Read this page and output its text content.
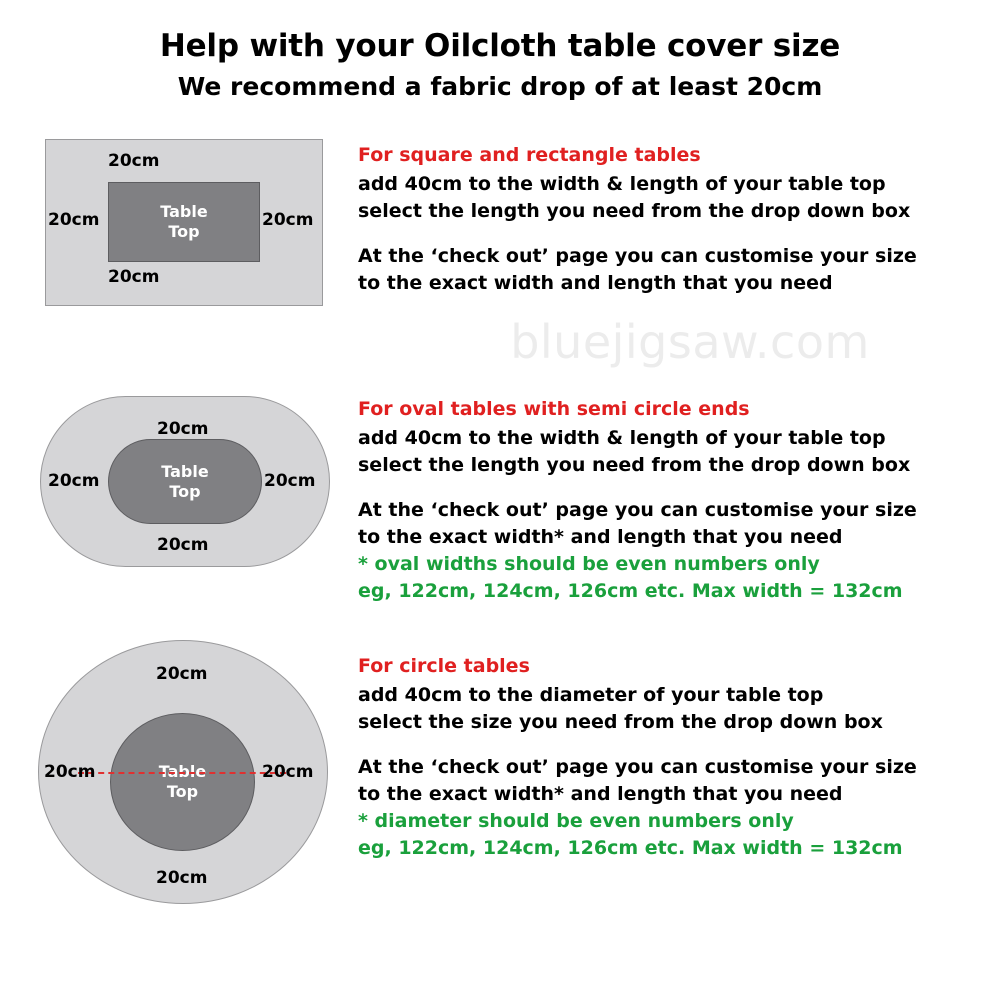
Help with your Oilcloth table cover size
We recommend a fabric drop of at least 20cm
bluejigsaw.com
Table
Top
20cm
20cm
20cm	20cm
Table
Top
20cm
20cm
20cm	20cm
Table
Top
20cm
20cm
20cm	20cm
For square and rectangle tables
add 40cm to the width & length of your table top
select the length you need from the drop down box
At the ‘check out’ page you can customise your size
to the exact width and length that you need
For oval tables with semi circle ends
add 40cm to the width & length of your table top
select the length you need from the drop down box
At the ‘check out’ page you can customise your size
to the exact width* and length that you need
* oval widths should be even numbers only
eg, 122cm, 124cm, 126cm etc. Max width = 132cm
For circle tables
add 40cm to the diameter of your table top
select the size you need from the drop down box
At the ‘check out’ page you can customise your size
to the exact width* and length that you need
* diameter should be even numbers only
eg, 122cm, 124cm, 126cm etc. Max width = 132cm
